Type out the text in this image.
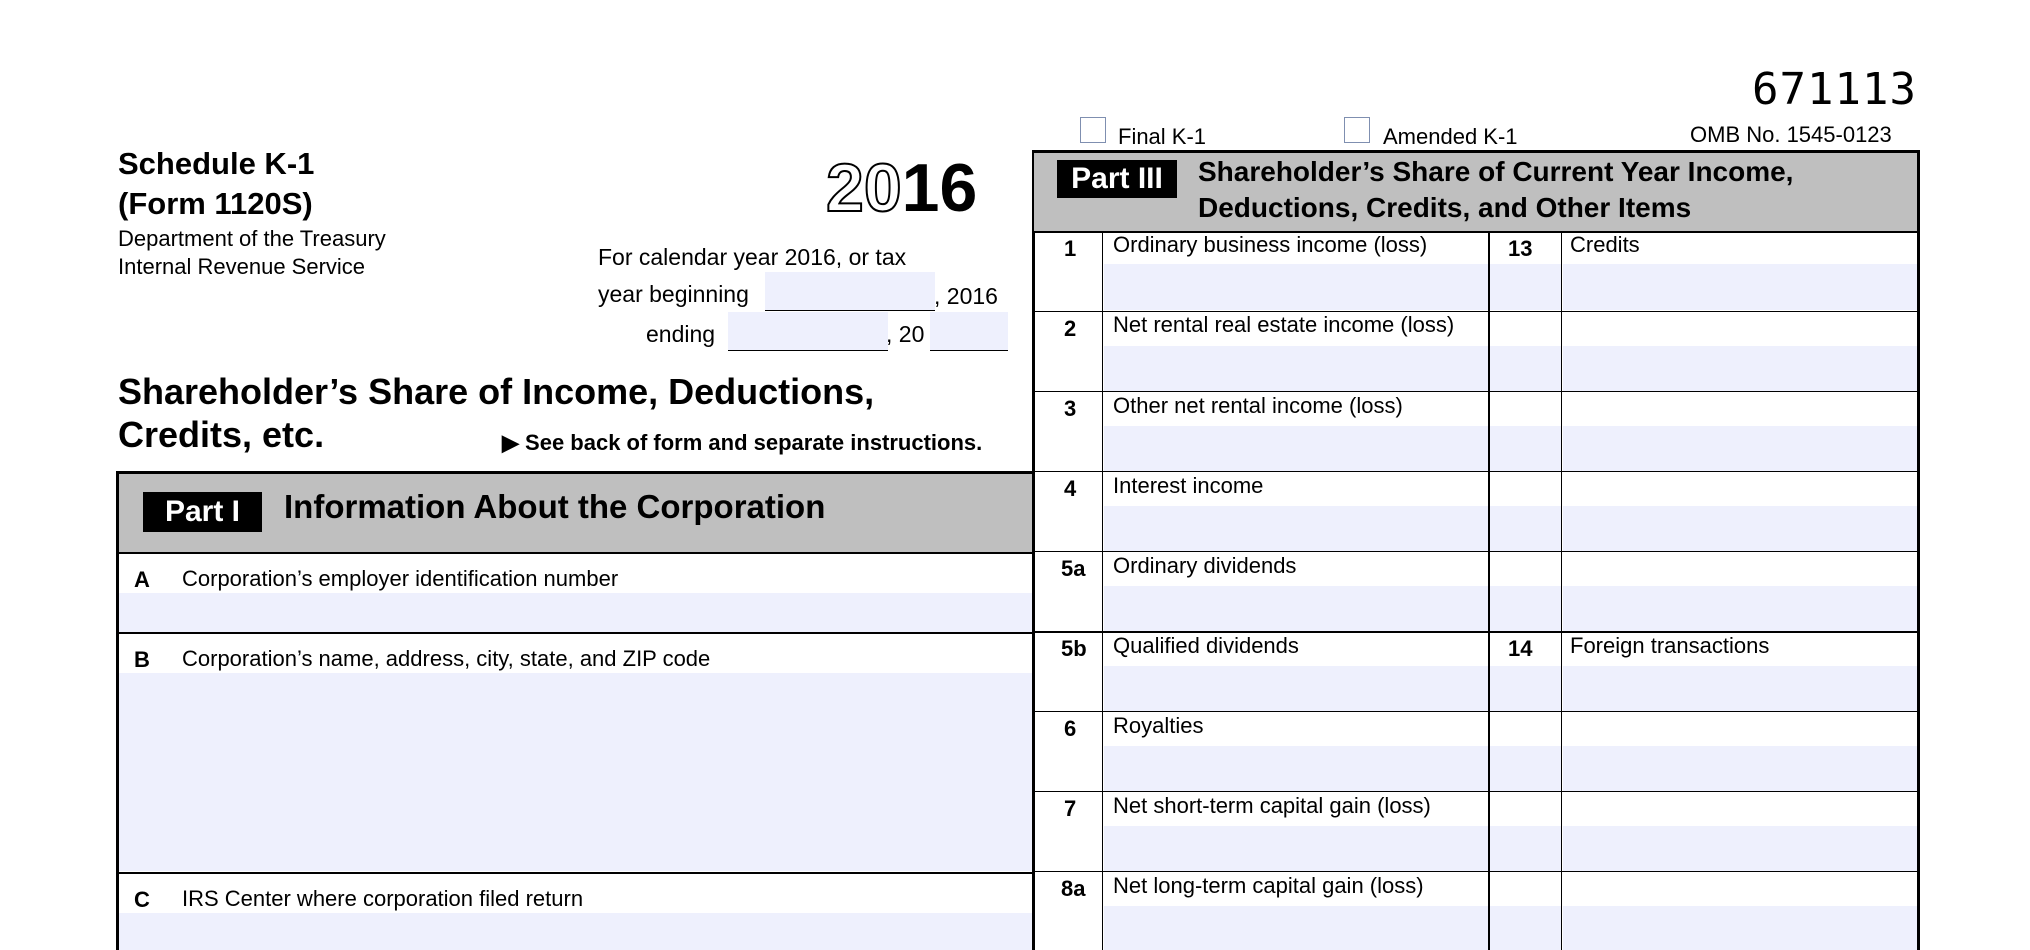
671113
Final K-1	Amended K-1	OMB No. 1545-0123
Schedule K-1
(Form 1120S)
Department of the Treasury
Internal Revenue Service
2016
For calendar year 2016, or tax
year beginning	, 2016
ending	, 20
Shareholder’s Share of Income, Deductions,
Credits, etc.	▶ See back of form and separate instructions.
Part I	Information About the Corporation
A Corporation’s employer identification number
B Corporation’s name, address, city, state, and ZIP code
C IRS Center where corporation filed return
Part III	Shareholder’s Share of Current Year Income,
Deductions, Credits, and Other Items
1 Ordinary business income (loss)
2 Net rental real estate income (loss)
3 Other net rental income (loss)
4 Interest income
5a Ordinary dividends
5b Qualified dividends
6 Royalties
7 Net short-term capital gain (loss)
8a Net long-term capital gain (loss)
13 Credits
14 Foreign transactions
